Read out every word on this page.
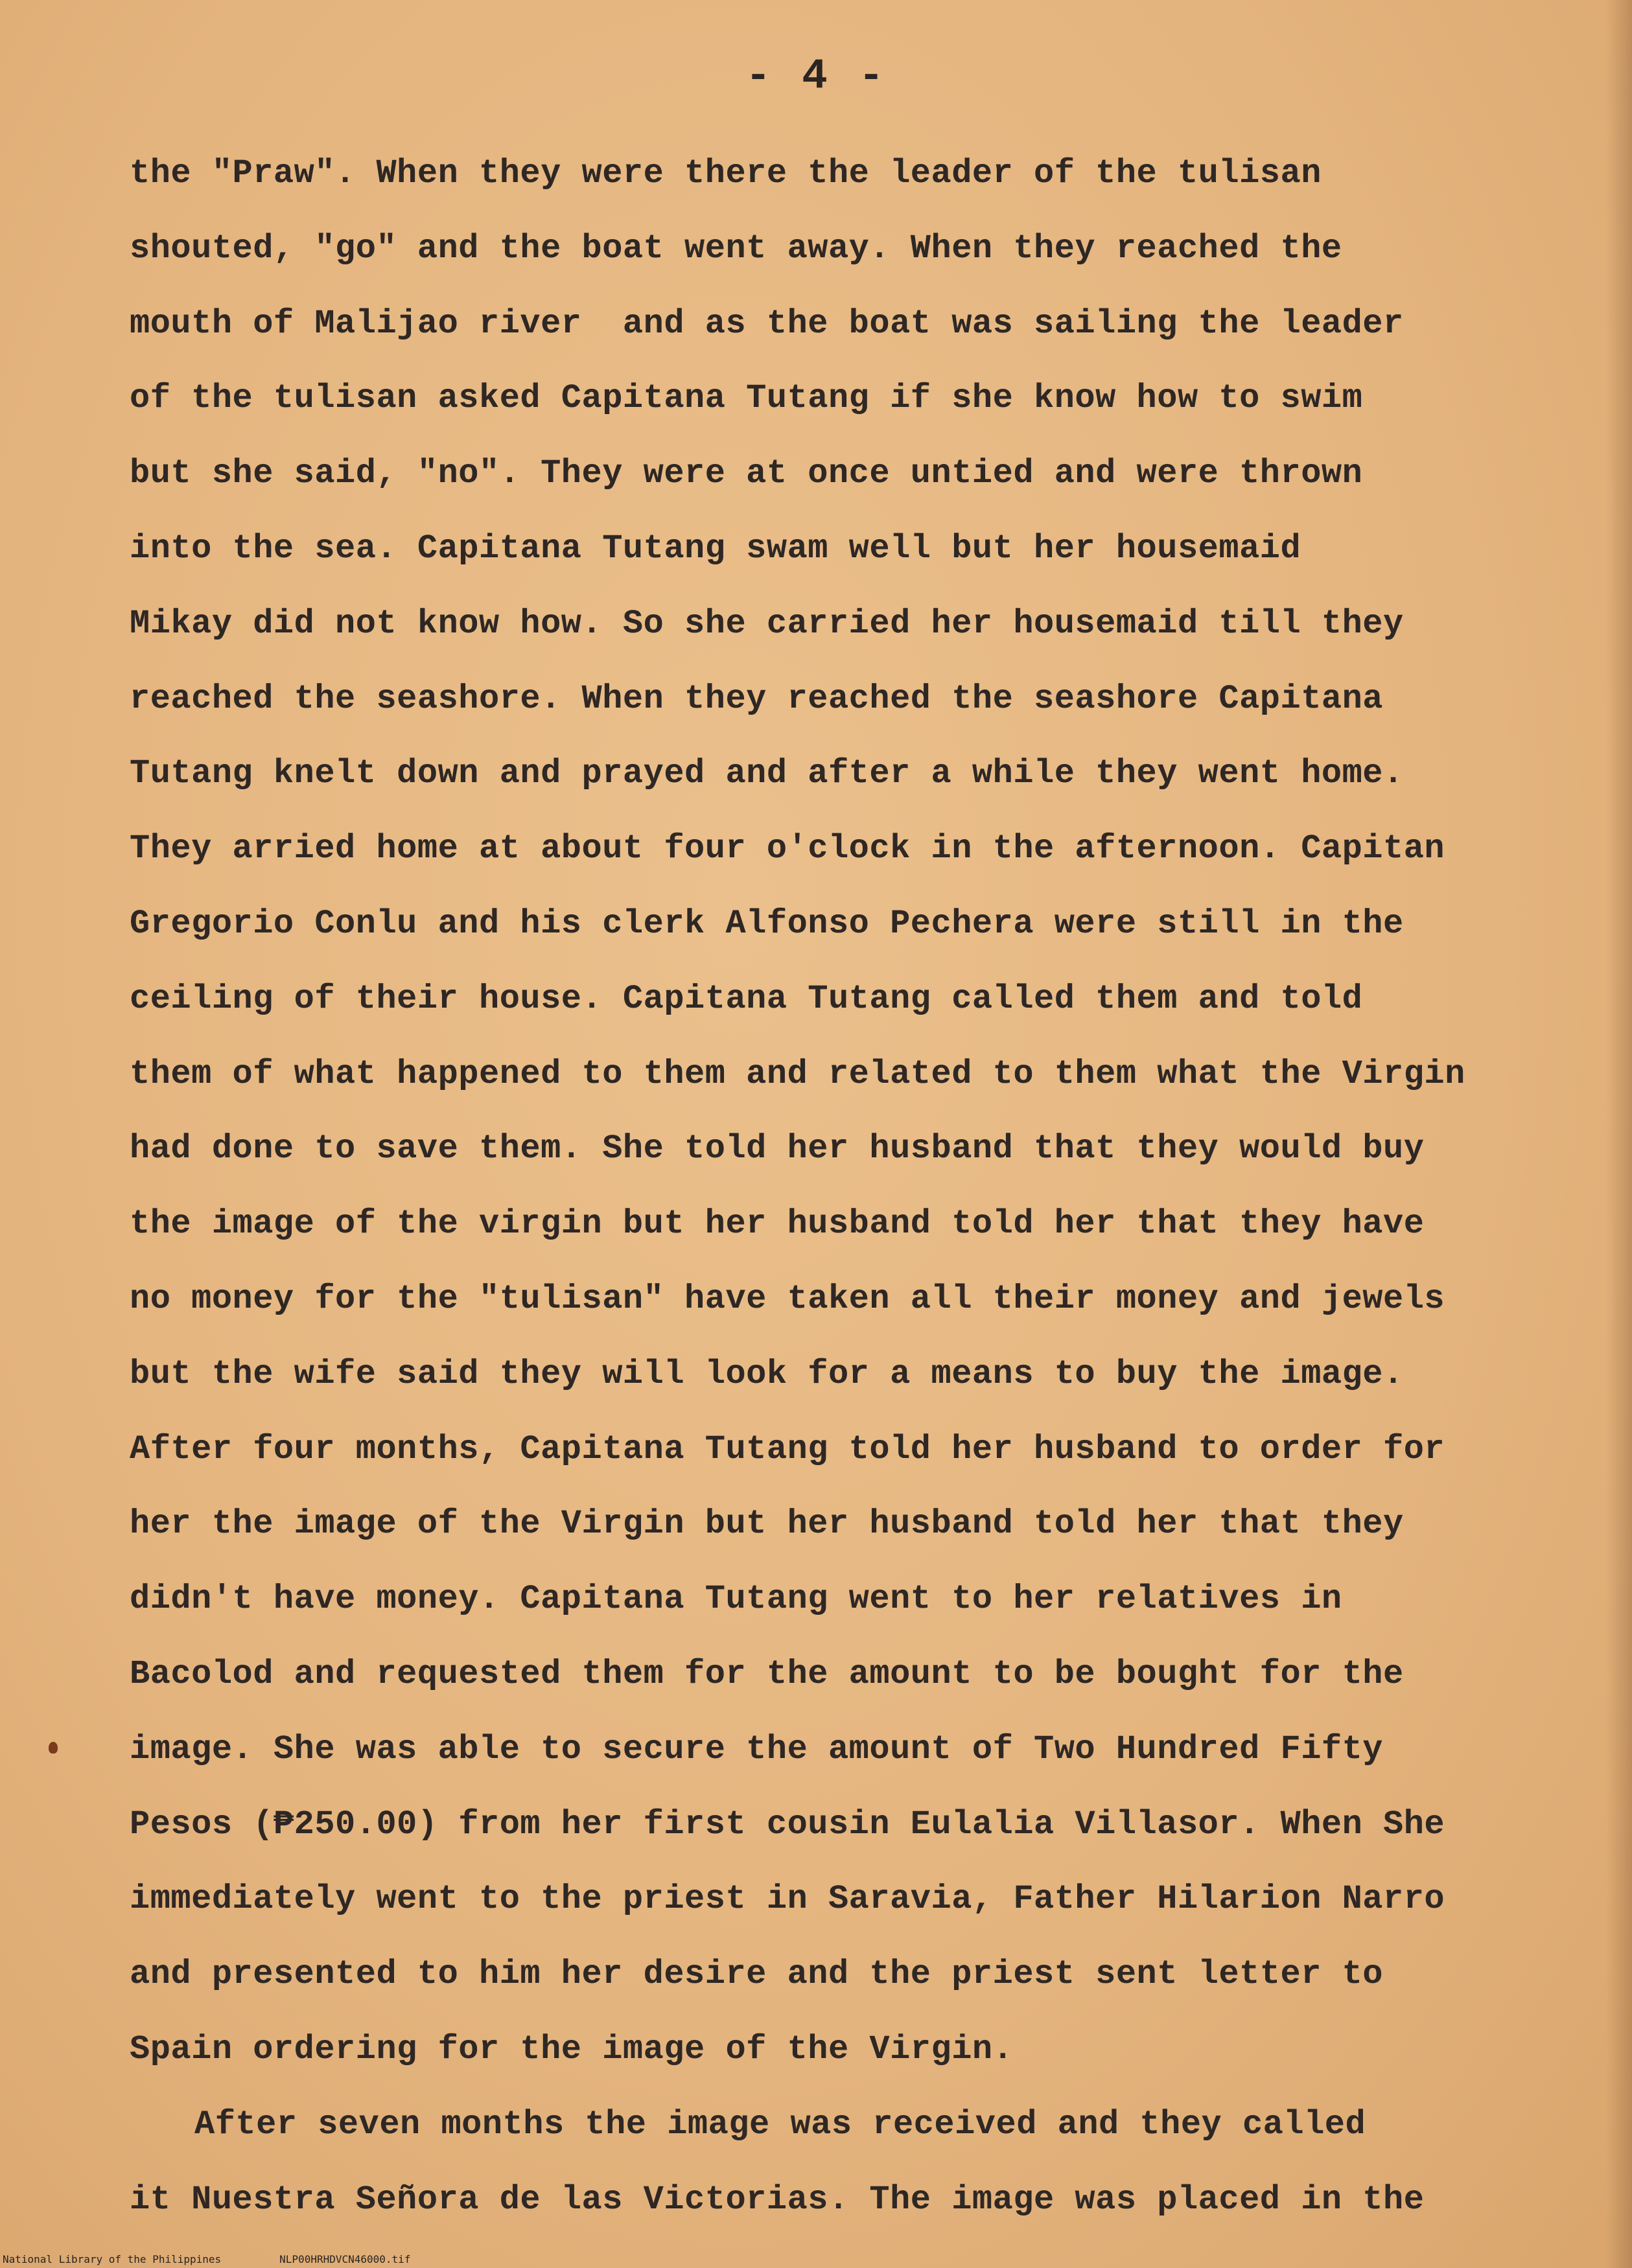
- 4 -
the "Praw". When they were there the leader of the tulisan
shouted, "go" and the boat went away. When they reached the
mouth of Malijao river  and as the boat was sailing the leader
of the tulisan asked Capitana Tutang if she know how to swim
but she said, "no". They were at once untied and were thrown
into the sea. Capitana Tutang swam well but her housemaid
Mikay did not know how. So she carried her housemaid till they
reached the seashore. When they reached the seashore Capitana
Tutang knelt down and prayed and after a while they went home.
They arried home at about four o'clock in the afternoon. Capitan
Gregorio Conlu and his clerk Alfonso Pechera were still in the
ceiling of their house. Capitana Tutang called them and told
them of what happened to them and related to them what the Virgin
had done to save them. She told her husband that they would buy
the image of the virgin but her husband told her that they have
no money for the "tulisan" have taken all their money and jewels
but the wife said they will look for a means to buy the image.
After four months, Capitana Tutang told her husband to order for
her the image of the Virgin but her husband told her that they
didn't have money. Capitana Tutang went to her relatives in
Bacolod and requested them for the amount to be bought for the
image. She was able to secure the amount of Two Hundred Fifty
Pesos (₱250.00) from her first cousin Eulalia Villasor. When She
immediately went to the priest in Saravia, Father Hilarion Narro
and presented to him her desire and the priest sent letter to
Spain ordering for the image of the Virgin.
After seven months the image was received and they called
it Nuestra Señora de las Victorias. The image was placed in the
National Library of the Philippines	NLP00HRHDVCN46000.tif
